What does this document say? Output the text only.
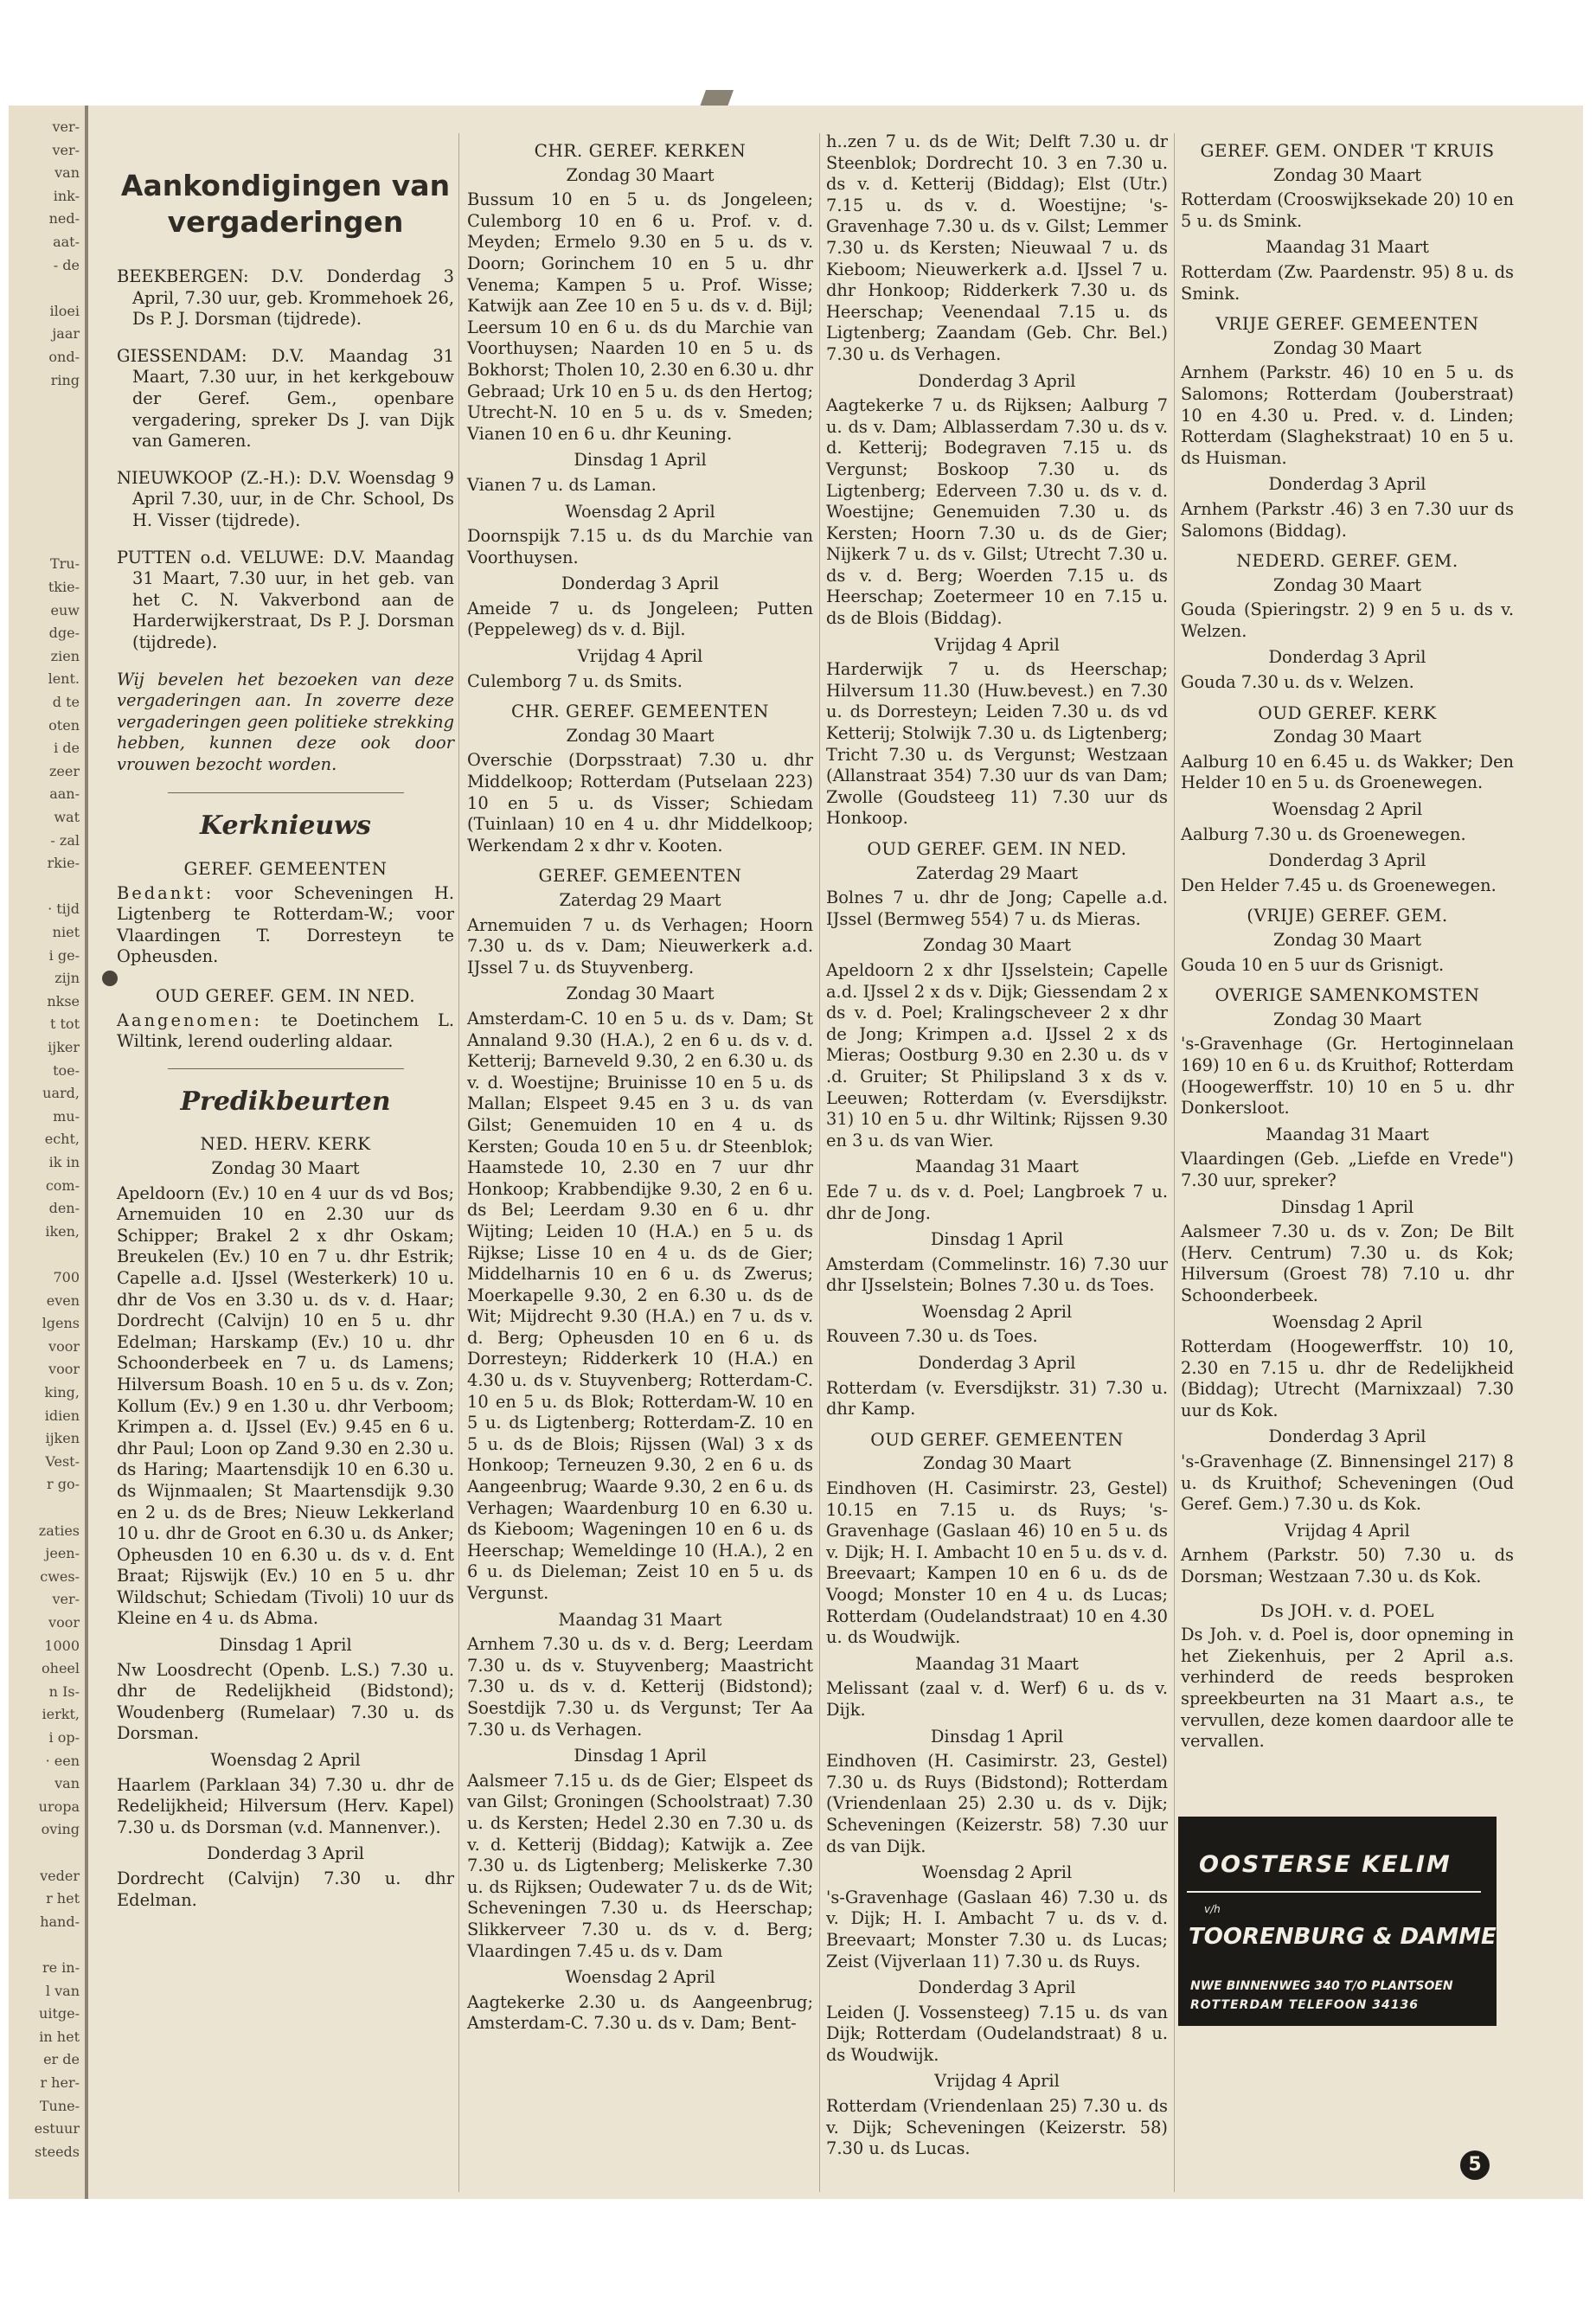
ver-
ver-
van
ink-
ned-
aat-
- de
iloei
jaar
ond-
ring
Tru-
tkie-
euw
dge-
zien
lent.
d te
oten
i de
zeer
aan-
wat
- zal
rkie-
· tijd
niet
i ge-
zijn
nkse
t tot
ijker
toe-
uard,
mu-
echt,
ik in
com-
den-
iken,
700
even
lgens
voor
voor
king,
idien
ijken
Vest-
r go-
zaties
jeen-
cwes-
ver-
voor
1000
oheel
n Is-
ierkt,
i op-
· een
van
uropa
oving
veder
r het
hand-
re in-
l van
uitge-
in het
er de
r her-
Tune-
estuur
steeds
Aankondigingen van vergaderingen
BEEKBERGEN: D.V. Donderdag 3 April, 7.30 uur, geb. Krommehoek 26, Ds P. J. Dorsman (tijdrede).
GIESSENDAM: D.V. Maandag 31 Maart, 7.30 uur, in het kerkgebouw der Geref. Gem., openbare vergadering, spreker Ds J. van Dijk van Gameren.
NIEUWKOOP (Z.-H.): D.V. Woensdag 9 April 7.30, uur, in de Chr. School, Ds H. Visser (tijdrede).
PUTTEN o.d. VELUWE: D.V. Maandag 31 Maart, 7.30 uur, in het geb. van het C. N. Vakverbond aan de Harderwijkerstraat, Ds P. J. Dorsman (tijdrede).
Wij bevelen het bezoeken van deze vergaderingen aan. In zoverre deze vergaderingen geen politieke strekking hebben, kunnen deze ook door vrouwen bezocht worden.
Kerknieuws
GEREF. GEMEENTEN
Bedankt: voor Scheveningen H. Ligtenberg te Rotterdam-W.; voor Vlaardingen T. Dorresteyn te Opheusden.
OUD GEREF. GEM. IN NED.
Aangenomen: te Doetinchem L. Wiltink, lerend ouderling aldaar.
Predikbeurten
NED. HERV. KERK
Zondag 30 Maart
Apeldoorn (Ev.) 10 en 4 uur ds vd Bos; Arnemuiden 10 en 2.30 uur ds Schipper; Brakel 2 x dhr Oskam; Breukelen (Ev.) 10 en 7 u. dhr Estrik; Capelle a.d. IJssel (Westerkerk) 10 u. dhr de Vos en 3.30 u. ds v. d. Haar; Dordrecht (Calvijn) 10 en 5 u. dhr Edelman; Harskamp (Ev.) 10 u. dhr Schoonderbeek en 7 u. ds Lamens; Hilversum Boash. 10 en 5 u. ds v. Zon; Kollum (Ev.) 9 en 1.30 u. dhr Verboom; Krimpen a. d. IJssel (Ev.) 9.45 en 6 u. dhr Paul; Loon op Zand 9.30 en 2.30 u. ds Haring; Maartensdijk 10 en 6.30 u. ds Wijnmaalen; St Maartensdijk 9.30 en 2 u. ds de Bres; Nieuw Lekkerland 10 u. dhr de Groot en 6.30 u. ds Anker; Opheusden 10 en 6.30 u. ds v. d. Ent Braat; Rijswijk (Ev.) 10 en 5 u. dhr Wildschut; Schiedam (Tivoli) 10 uur ds Kleine en 4 u. ds Abma.
Dinsdag 1 April
Nw Loosdrecht (Openb. L.S.) 7.30 u. dhr de Redelijkheid (Bidstond); Woudenberg (Rumelaar) 7.30 u. ds Dorsman.
Woensdag 2 April
Haarlem (Parklaan 34) 7.30 u. dhr de Redelijkheid; Hilversum (Herv. Kapel) 7.30 u. ds Dorsman (v.d. Mannenver.).
Donderdag 3 April
Dordrecht (Calvijn) 7.30 u. dhr Edelman.
CHR. GEREF. KERKEN
Zondag 30 Maart
Bussum 10 en 5 u. ds Jongeleen; Culemborg 10 en 6 u. Prof. v. d. Meyden; Ermelo 9.30 en 5 u. ds v. Doorn; Gorinchem 10 en 5 u. dhr Venema; Kampen 5 u. Prof. Wisse; Katwijk aan Zee 10 en 5 u. ds v. d. Bijl; Leersum 10 en 6 u. ds du Marchie van Voorthuysen; Naarden 10 en 5 u. ds Bokhorst; Tholen 10, 2.30 en 6.30 u. dhr Gebraad; Urk 10 en 5 u. ds den Hertog; Utrecht-N. 10 en 5 u. ds v. Smeden; Vianen 10 en 6 u. dhr Keuning.
Dinsdag 1 April
Vianen 7 u. ds Laman.
Woensdag 2 April
Doornspijk 7.15 u. ds du Marchie van Voorthuysen.
Donderdag 3 April
Ameide 7 u. ds Jongeleen; Putten (Peppeleweg) ds v. d. Bijl.
Vrijdag 4 April
Culemborg 7 u. ds Smits.
CHR. GEREF. GEMEENTEN
Zondag 30 Maart
Overschie (Dorpsstraat) 7.30 u. dhr Middelkoop; Rotterdam (Putselaan 223) 10 en 5 u. ds Visser; Schiedam (Tuinlaan) 10 en 4 u. dhr Middelkoop; Werkendam 2 x dhr v. Kooten.
GEREF. GEMEENTEN
Zaterdag 29 Maart
Arnemuiden 7 u. ds Verhagen; Hoorn 7.30 u. ds v. Dam; Nieuwerkerk a.d. IJssel 7 u. ds Stuyvenberg.
Zondag 30 Maart
Amsterdam-C. 10 en 5 u. ds v. Dam; St Annaland 9.30 (H.A.), 2 en 6 u. ds v. d. Ketterij; Barneveld 9.30, 2 en 6.30 u. ds v. d. Woestijne; Bruinisse 10 en 5 u. ds Mallan; Elspeet 9.45 en 3 u. ds van Gilst; Genemuiden 10 en 4 u. ds Kersten; Gouda 10 en 5 u. dr Steenblok; Haamstede 10, 2.30 en 7 uur dhr Honkoop; Krabbendijke 9.30, 2 en 6 u. ds Bel; Leerdam 9.30 en 6 u. dhr Wijting; Leiden 10 (H.A.) en 5 u. ds Rijkse; Lisse 10 en 4 u. ds de Gier; Middelharnis 10 en 6 u. ds Zwerus; Moerkapelle 9.30, 2 en 6.30 u. ds de Wit; Mijdrecht 9.30 (H.A.) en 7 u. ds v. d. Berg; Opheusden 10 en 6 u. ds Dorresteyn; Ridderkerk 10 (H.A.) en 4.30 u. ds v. Stuyvenberg; Rotterdam-C. 10 en 5 u. ds Blok; Rotterdam-W. 10 en 5 u. ds Ligtenberg; Rotterdam-Z. 10 en 5 u. ds de Blois; Rijssen (Wal) 3 x ds Honkoop; Terneuzen 9.30, 2 en 6 u. ds Aangeenbrug; Waarde 9.30, 2 en 6 u. ds Verhagen; Waardenburg 10 en 6.30 u. ds Kieboom; Wageningen 10 en 6 u. ds Heerschap; Wemeldinge 10 (H.A.), 2 en 6 u. ds Dieleman; Zeist 10 en 5 u. ds Vergunst.
Maandag 31 Maart
Arnhem 7.30 u. ds v. d. Berg; Leerdam 7.30 u. ds v. Stuyvenberg; Maastricht 7.30 u. ds v. d. Ketterij (Bidstond); Soestdijk 7.30 u. ds Vergunst; Ter Aa 7.30 u. ds Verhagen.
Dinsdag 1 April
Aalsmeer 7.15 u. ds de Gier; Elspeet ds van Gilst; Groningen (Schoolstraat) 7.30 u. ds Kersten; Hedel 2.30 en 7.30 u. ds v. d. Ketterij (Biddag); Katwijk a. Zee 7.30 u. ds Ligtenberg; Meliskerke 7.30 u. ds Rijksen; Oudewater 7 u. ds de Wit; Scheveningen 7.30 u. ds Heerschap; Slikkerveer 7.30 u. ds v. d. Berg; Vlaardingen 7.45 u. ds v. Dam
Woensdag 2 April
Aagtekerke 2.30 u. ds Aangeenbrug; Amsterdam-C. 7.30 u. ds v. Dam; Bent-
h..zen 7 u. ds de Wit; Delft 7.30 u. dr Steenblok; Dordrecht 10. 3 en 7.30 u. ds v. d. Ketterij (Biddag); Elst (Utr.) 7.15 u. ds v. d. Woestijne; 's-Gravenhage 7.30 u. ds v. Gilst; Lemmer 7.30 u. ds Kersten; Nieuwaal 7 u. ds Kieboom; Nieuwerkerk a.d. IJssel 7 u. dhr Honkoop; Ridderkerk 7.30 u. ds Heerschap; Veenendaal 7.15 u. ds Ligtenberg; Zaandam (Geb. Chr. Bel.) 7.30 u. ds Verhagen.
Donderdag 3 April
Aagtekerke 7 u. ds Rijksen; Aalburg 7 u. ds v. Dam; Alblasserdam 7.30 u. ds v. d. Ketterij; Bodegraven 7.15 u. ds Vergunst; Boskoop 7.30 u. ds Ligtenberg; Ederveen 7.30 u. ds v. d. Woestijne; Genemuiden 7.30 u. ds Kersten; Hoorn 7.30 u. ds de Gier; Nijkerk 7 u. ds v. Gilst; Utrecht 7.30 u. ds v. d. Berg; Woerden 7.15 u. ds Heerschap; Zoetermeer 10 en 7.15 u. ds de Blois (Biddag).
Vrijdag 4 April
Harderwijk 7 u. ds Heerschap; Hilversum 11.30 (Huw.bevest.) en 7.30 u. ds Dorresteyn; Leiden 7.30 u. ds vd Ketterij; Stolwijk 7.30 u. ds Ligtenberg; Tricht 7.30 u. ds Vergunst; Westzaan (Allanstraat 354) 7.30 uur ds van Dam; Zwolle (Goudsteeg 11) 7.30 uur ds Honkoop.
OUD GEREF. GEM. IN NED.
Zaterdag 29 Maart
Bolnes 7 u. dhr de Jong; Capelle a.d. IJssel (Bermweg 554) 7 u. ds Mieras.
Zondag 30 Maart
Apeldoorn 2 x dhr IJsselstein; Capelle a.d. IJssel 2 x ds v. Dijk; Giessendam 2 x ds v. d. Poel; Kralingscheveer 2 x dhr de Jong; Krimpen a.d. IJssel 2 x ds Mieras; Oostburg 9.30 en 2.30 u. ds v .d. Gruiter; St Philipsland 3 x ds v. Leeuwen; Rotterdam (v. Eversdijkstr. 31) 10 en 5 u. dhr Wiltink; Rijssen 9.30 en 3 u. ds van Wier.
Maandag 31 Maart
Ede 7 u. ds v. d. Poel; Langbroek 7 u. dhr de Jong.
Dinsdag 1 April
Amsterdam (Commelinstr. 16) 7.30 uur dhr IJsselstein; Bolnes 7.30 u. ds Toes.
Woensdag 2 April
Rouveen 7.30 u. ds Toes.
Donderdag 3 April
Rotterdam (v. Eversdijkstr. 31) 7.30 u. dhr Kamp.
OUD GEREF. GEMEENTEN
Zondag 30 Maart
Eindhoven (H. Casimirstr. 23, Gestel) 10.15 en 7.15 u. ds Ruys; 's-Gravenhage (Gaslaan 46) 10 en 5 u. ds v. Dijk; H. I. Ambacht 10 en 5 u. ds v. d. Breevaart; Kampen 10 en 6 u. ds de Voogd; Monster 10 en 4 u. ds Lucas; Rotterdam (Oudelandstraat) 10 en 4.30 u. ds Woudwijk.
Maandag 31 Maart
Melissant (zaal v. d. Werf) 6 u. ds v. Dijk.
Dinsdag 1 April
Eindhoven (H. Casimirstr. 23, Gestel) 7.30 u. ds Ruys (Bidstond); Rotterdam (Vriendenlaan 25) 2.30 u. ds v. Dijk; Scheveningen (Keizerstr. 58) 7.30 uur ds van Dijk.
Woensdag 2 April
's-Gravenhage (Gaslaan 46) 7.30 u. ds v. Dijk; H. I. Ambacht 7 u. ds v. d. Breevaart; Monster 7.30 u. ds Lucas; Zeist (Vijverlaan 11) 7.30 u. ds Ruys.
Donderdag 3 April
Leiden (J. Vossensteeg) 7.15 u. ds van Dijk; Rotterdam (Oudelandstraat) 8 u. ds Woudwijk.
Vrijdag 4 April
Rotterdam (Vriendenlaan 25) 7.30 u. ds v. Dijk; Scheveningen (Keizerstr. 58) 7.30 u. ds Lucas.
GEREF. GEM. ONDER 'T KRUIS
Zondag 30 Maart
Rotterdam (Crooswijksekade 20) 10 en 5 u. ds Smink.
Maandag 31 Maart
Rotterdam (Zw. Paardenstr. 95) 8 u. ds Smink.
VRIJE GEREF. GEMEENTEN
Zondag 30 Maart
Arnhem (Parkstr. 46) 10 en 5 u. ds Salomons; Rotterdam (Jouberstraat) 10 en 4.30 u. Pred. v. d. Linden; Rotterdam (Slaghekstraat) 10 en 5 u. ds Huisman.
Donderdag 3 April
Arnhem (Parkstr .46) 3 en 7.30 uur ds Salomons (Biddag).
NEDERD. GEREF. GEM.
Zondag 30 Maart
Gouda (Spieringstr. 2) 9 en 5 u. ds v. Welzen.
Donderdag 3 April
Gouda 7.30 u. ds v. Welzen.
OUD GEREF. KERK
Zondag 30 Maart
Aalburg 10 en 6.45 u. ds Wakker; Den Helder 10 en 5 u. ds Groenewegen.
Woensdag 2 April
Aalburg 7.30 u. ds Groenewegen.
Donderdag 3 April
Den Helder 7.45 u. ds Groenewegen.
(VRIJE) GEREF. GEM.
Zondag 30 Maart
Gouda 10 en 5 uur ds Grisnigt.
OVERIGE SAMENKOMSTEN
Zondag 30 Maart
's-Gravenhage (Gr. Hertoginnelaan 169) 10 en 6 u. ds Kruithof; Rotterdam (Hoogewerffstr. 10) 10 en 5 u. dhr Donkersloot.
Maandag 31 Maart
Vlaardingen (Geb. „Liefde en Vrede") 7.30 uur, spreker?
Dinsdag 1 April
Aalsmeer 7.30 u. ds v. Zon; De Bilt (Herv. Centrum) 7.30 u. ds Kok; Hilversum (Groest 78) 7.10 u. dhr Schoonderbeek.
Woensdag 2 April
Rotterdam (Hoogewerffstr. 10) 10, 2.30 en 7.15 u. dhr de Redelijkheid (Biddag); Utrecht (Marnixzaal) 7.30 uur ds Kok.
Donderdag 3 April
's-Gravenhage (Z. Binnensingel 217) 8 u. ds Kruithof; Scheveningen (Oud Geref. Gem.) 7.30 u. ds Kok.
Vrijdag 4 April
Arnhem (Parkstr. 50) 7.30 u. ds Dorsman; Westzaan 7.30 u. ds Kok.
Ds JOH. v. d. POEL
Ds Joh. v. d. Poel is, door opneming in het Ziekenhuis, per 2 April a.s. verhinderd de reeds besproken spreekbeurten na 31 Maart a.s., te vervullen, deze komen daardoor alle te vervallen.
OOSTERSE KELIM
v/h
TOORENBURG & DAMME
NWE BINNENWEG 340 T/O PLANTSOEN
ROTTERDAM TELEFOON 34136
5
